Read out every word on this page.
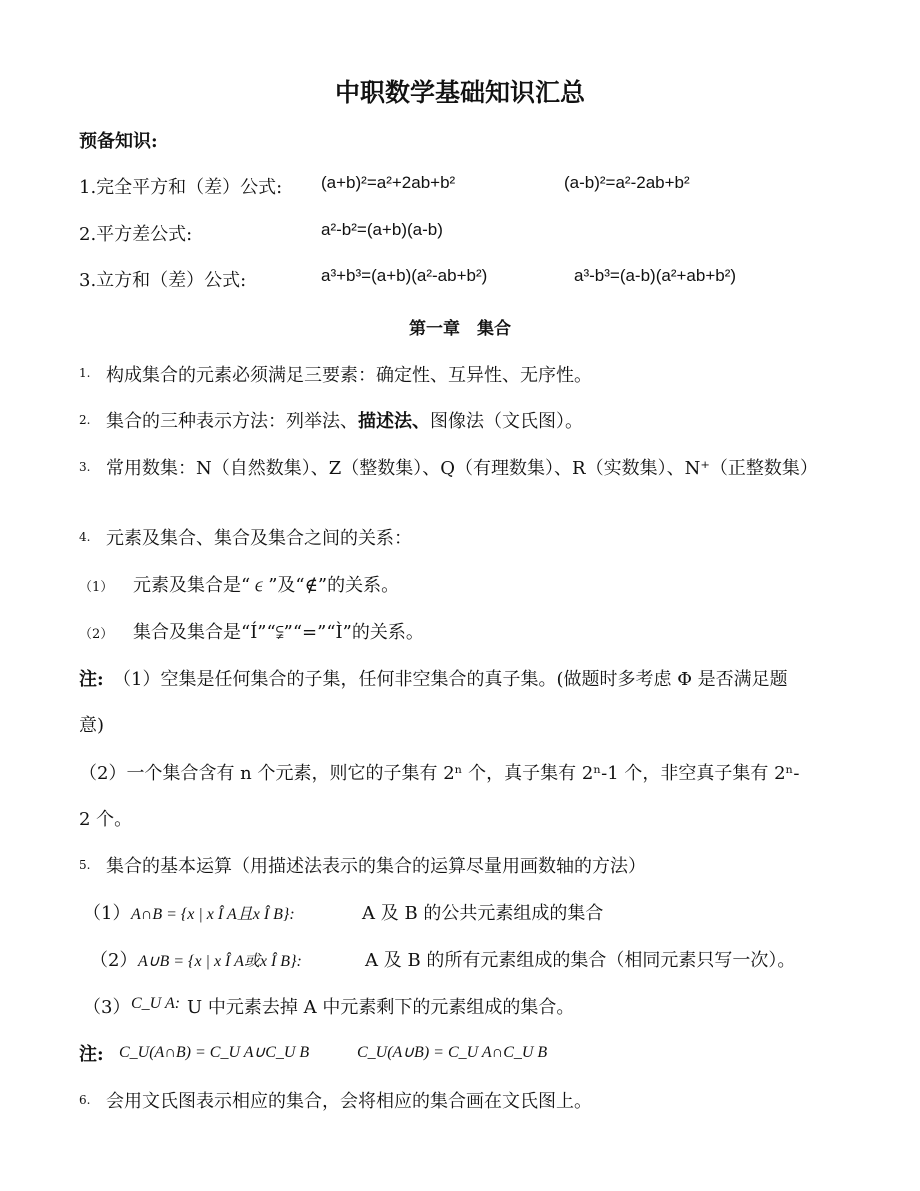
中职数学基础知识汇总
预备知识:
1.完全平方和（差）公式: (a+b)²=a²+2ab+b²	(a-b)²=a²-2ab+b²
2.平方差公式:	a²-b²=(a+b)(a-b)
3.立方和（差）公式:	a³+b³=(a+b)(a²-ab+b²)	a³-b³=(a-b)(a²+ab+b²)
第一章　集合
1. 构成集合的元素必须满足三要素：确定性、互异性、无序性。
2. 集合的三种表示方法：列举法、描述法、图像法（文氏图）。
3. 常用数集：N（自然数集）、Z（整数集）、Q（有理数集）、R（实数集）、N⁺（正整数集）
4. 元素及集合、集合及集合之间的关系：
（1） 元素及集合是“∊”及“∉”的关系。
（2） 集合及集合是“Í”“⫋”“=”“Ì”的关系。
注: （1）空集是任何集合的子集，任何非空集合的真子集。(做题时多考虑 Φ 是否满足题
意)
（2）一个集合含有 n 个元素，则它的子集有 2ⁿ 个，真子集有 2ⁿ-1 个，非空真子集有 2ⁿ-
2 个。
5. 集合的基本运算（用描述法表示的集合的运算尽量用画数轴的方法）
（1） A∩B = {x | x Î A且x Î B}:	A 及 B 的公共元素组成的集合
（2） A∪B = {x | x Î A或x Î B}:	A 及 B 的所有元素组成的集合（相同元素只写一次）。
（3） C_U A: U 中元素去掉 A 中元素剩下的元素组成的集合。
注: C_U(A∩B) = C_U A∪C_U B	C_U(A∪B) = C_U A∩C_U B
6. 会用文氏图表示相应的集合，会将相应的集合画在文氏图上。
